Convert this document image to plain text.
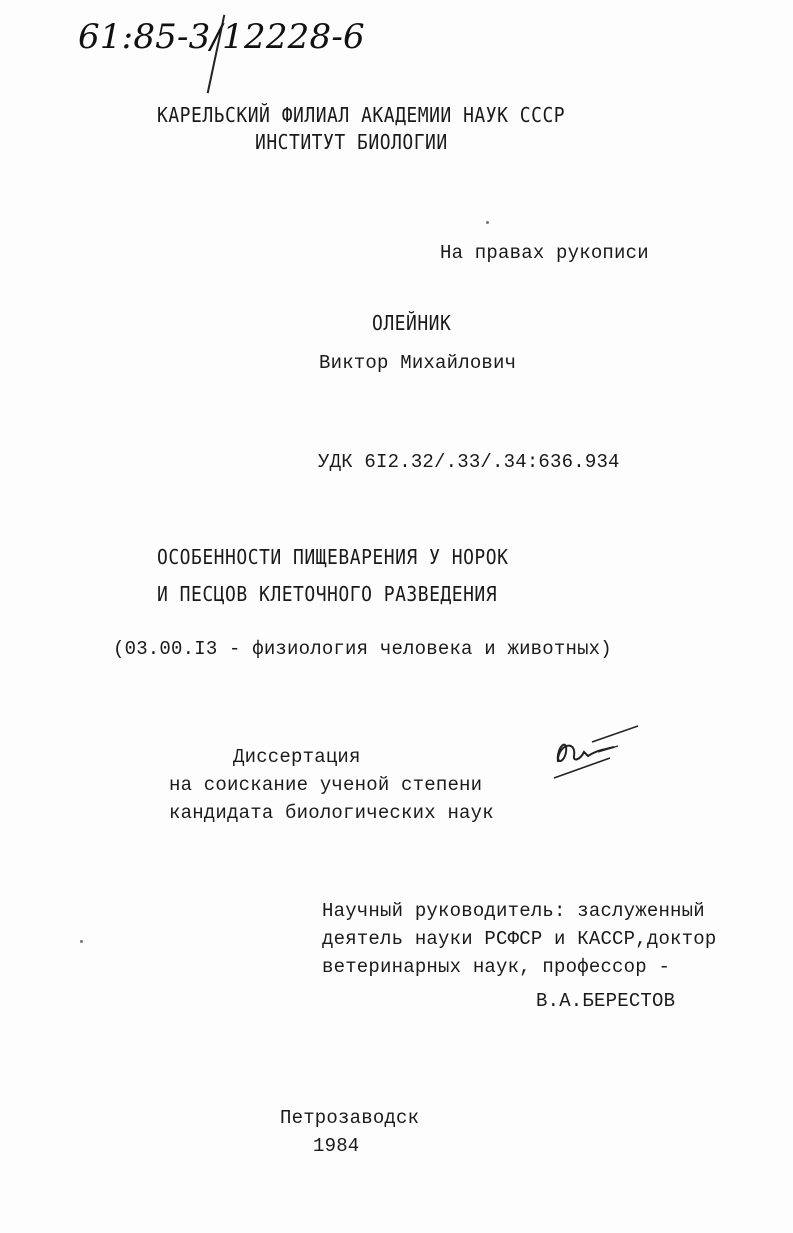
61:85-3/12228-6
КАРЕЛЬСКИЙ ФИЛИАЛ АКАДЕМИИ НАУК СССР
ИНСТИТУТ БИОЛОГИИ
На правах рукописи
ОЛЕЙНИК
Виктор Михайлович
УДК 6I2.32/.33/.34:636.934
ОСОБЕННОСТИ ПИЩЕВАРЕНИЯ У НОРОК
И ПЕСЦОВ КЛЕТОЧНОГО РАЗВЕДЕНИЯ
(03.00.I3 - физиология человека и животных)
Диссертация
на соискание ученой степени
кандидата биологических наук
Научный руководитель: заслуженный
деятель науки РСФСР и КАССР,доктор
ветеринарных наук, профессор -
В.А.БЕРЕСТОВ
Петрозаводск
1984
